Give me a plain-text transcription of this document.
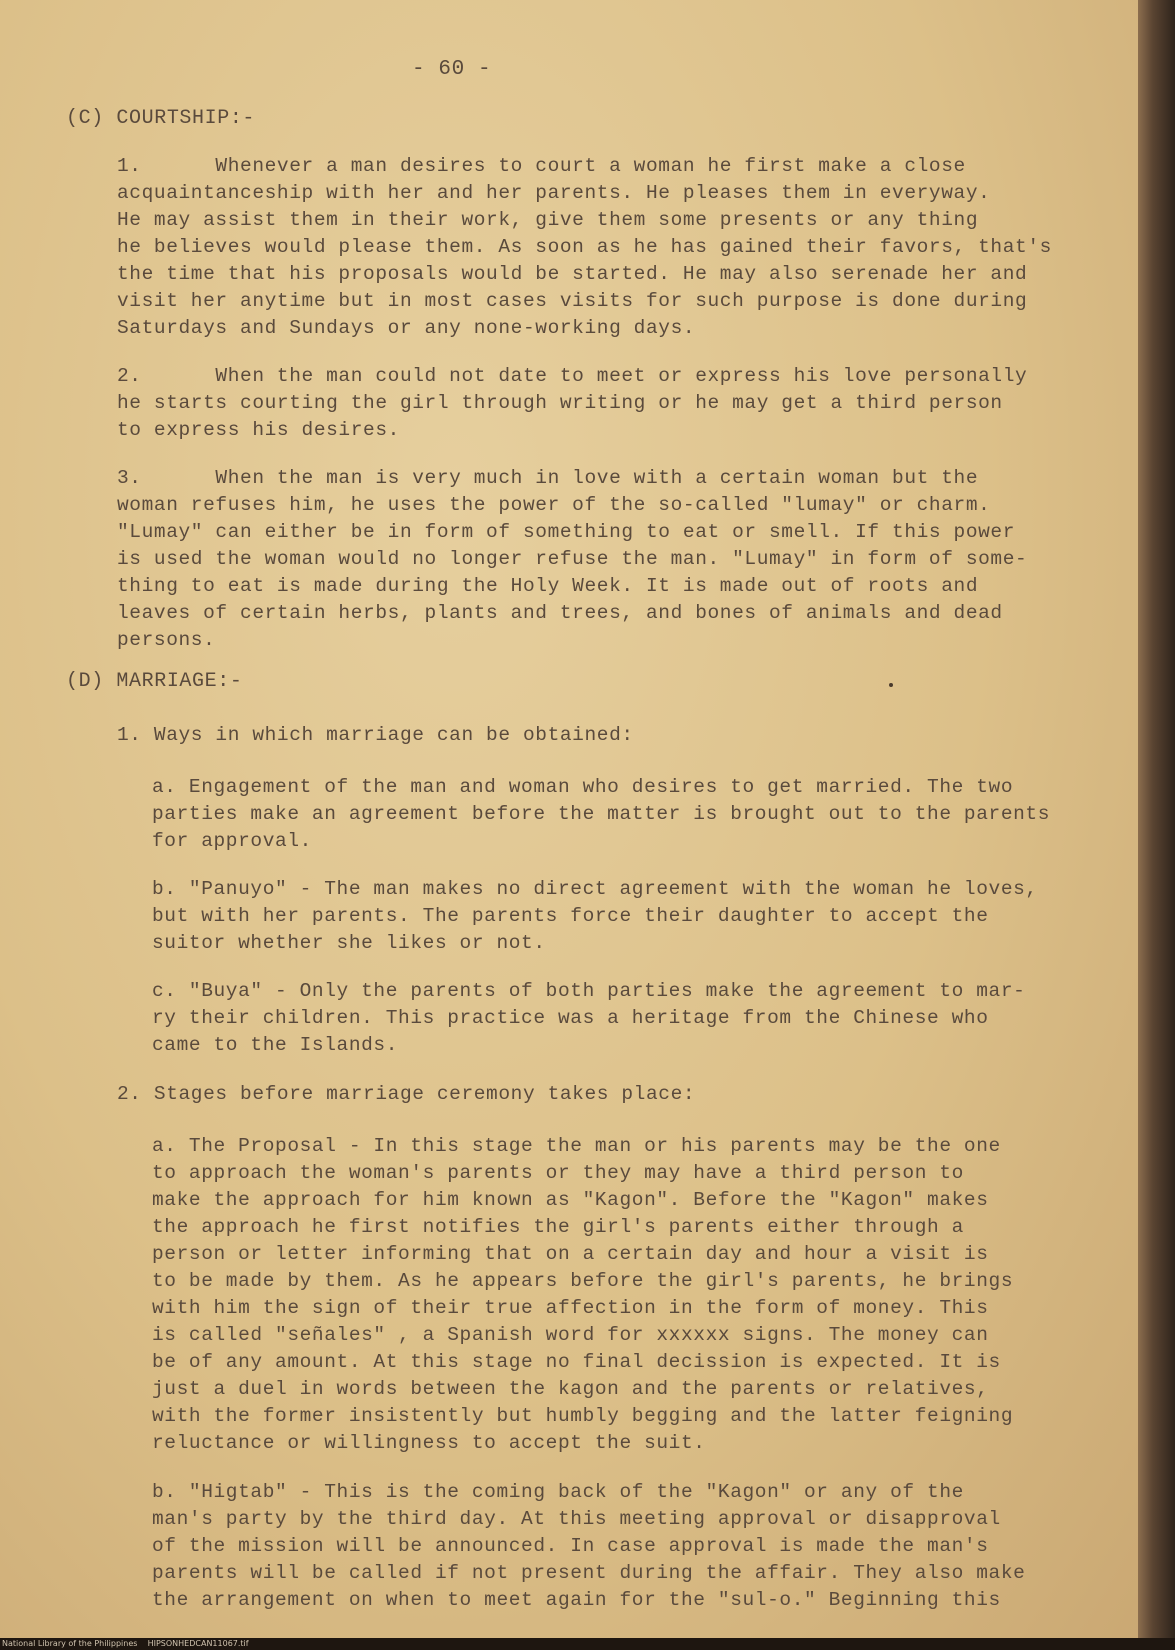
- 60 -
(C) COURTSHIP:-
1.      Whenever a man desires to court a woman he first make a close
acquaintanceship with her and her parents. He pleases them in everyway.
He may assist them in their work, give them some presents or any thing
he believes would please them. As soon as he has gained their favors, that's
the time that his proposals would be started. He may also serenade her and
visit her anytime but in most cases visits for such purpose is done during
Saturdays and Sundays or any none-working days.
2.      When the man could not date to meet or express his love personally
he starts courting the girl through writing or he may get a third person
to express his desires.
3.      When the man is very much in love with a certain woman but the
woman refuses him, he uses the power of the so-called "lumay" or charm.
"Lumay" can either be in form of something to eat or smell. If this power
is used the woman would no longer refuse the man. "Lumay" in form of some-
thing to eat is made during the Holy Week. It is made out of roots and
leaves of certain herbs, plants and trees, and bones of animals and dead
persons.
(D) MARRIAGE:-
1. Ways in which marriage can be obtained:
a. Engagement of the man and woman who desires to get married. The two
parties make an agreement before the matter is brought out to the parents
for approval.
b. "Panuyo" - The man makes no direct agreement with the woman he loves,
but with her parents. The parents force their daughter to accept the
suitor whether she likes or not.
c. "Buya" - Only the parents of both parties make the agreement to mar-
ry their children. This practice was a heritage from the Chinese who
came to the Islands.
2. Stages before marriage ceremony takes place:
a. The Proposal - In this stage the man or his parents may be the one
to approach the woman's parents or they may have a third person to
make the approach for him known as "Kagon". Before the "Kagon" makes
the approach he first notifies the girl's parents either through a
person or letter informing that on a certain day and hour a visit is
to be made by them. As he appears before the girl's parents, he brings
with him the sign of their true affection in the form of money. This
is called "señales" , a Spanish word for xxxxxx signs. The money can
be of any amount. At this stage no final decission is expected. It is
just a duel in words between the kagon and the parents or relatives,
with the former insistently but humbly begging and the latter feigning
reluctance or willingness to accept the suit.
b. "Higtab" - This is the coming back of the "Kagon" or any of the
man's party by the third day. At this meeting approval or disapproval
of the mission will be announced. In case approval is made the man's
parents will be called if not present during the affair. They also make
the arrangement on when to meet again for the "sul-o." Beginning this
National Library of the Philippines    HIPSONHEDCAN11067.tif
